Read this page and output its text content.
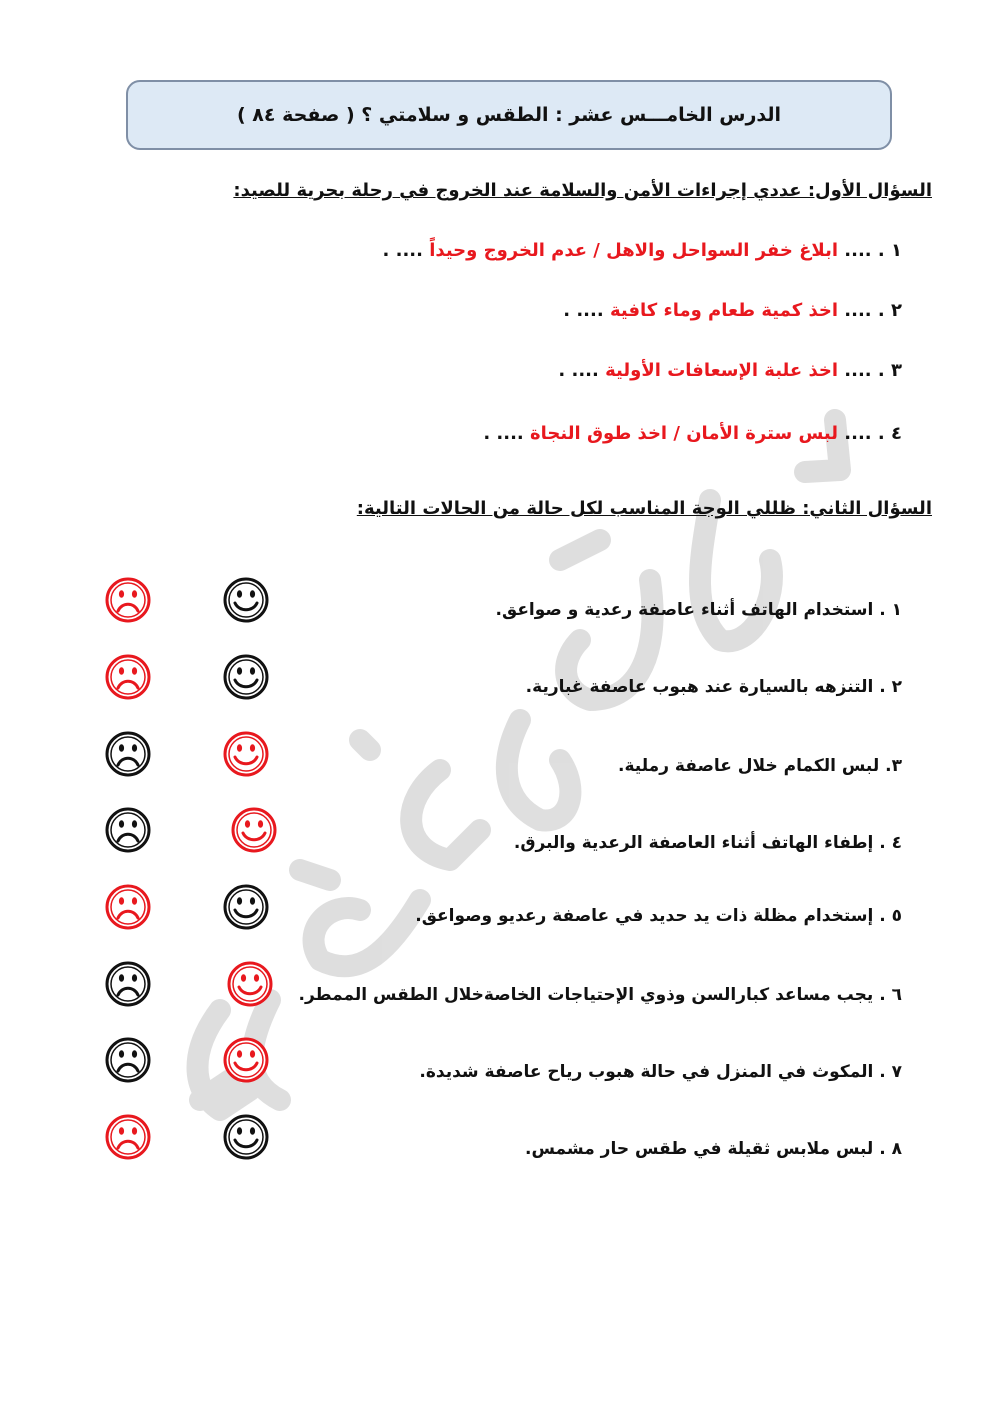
الدرس الخامـــس عشر : الطقس و سلامتي ؟ ( صفحة ٨٤ )
السؤال الأول: عددي إجراءات الأمن والسلامة عند الخروج في رحلة بحرية للصيد:
١ . .... ابلاغ خفر السواحل والاهل / عدم الخروج وحيداً .... .
٢ . .... اخذ كمية طعام وماء كافية .... .
٣ . .... اخذ علبة الإسعافات الأولية .... .
٤ . .... لبس سترة الأمان / اخذ طوق النجاة .... .
السؤال الثاني: ظللي الوجة المناسب لكل حالة من الحالات التالية:
١ . استخدام الهاتف أثناء عاصفة رعدية و صواعق.
٢ . التنزهه بالسيارة عند هبوب عاصفة غبارية.
٣. لبس الكمام خلال عاصفة رملية.
٤ . إطفاء الهاتف أثناء العاصفة الرعدية والبرق.
٥ . إستخدام مظلة ذات يد حديد في عاصفة رعديو وصواعق.
٦ . يجب مساعد كبارالسن وذوي الإحتياجات الخاصةخلال الطقس الممطر.
٧ . المكوث في المنزل في حالة هبوب رياح عاصفة شديدة.
٨ . لبس ملابس ثقيلة في طقس حار مشمس.
